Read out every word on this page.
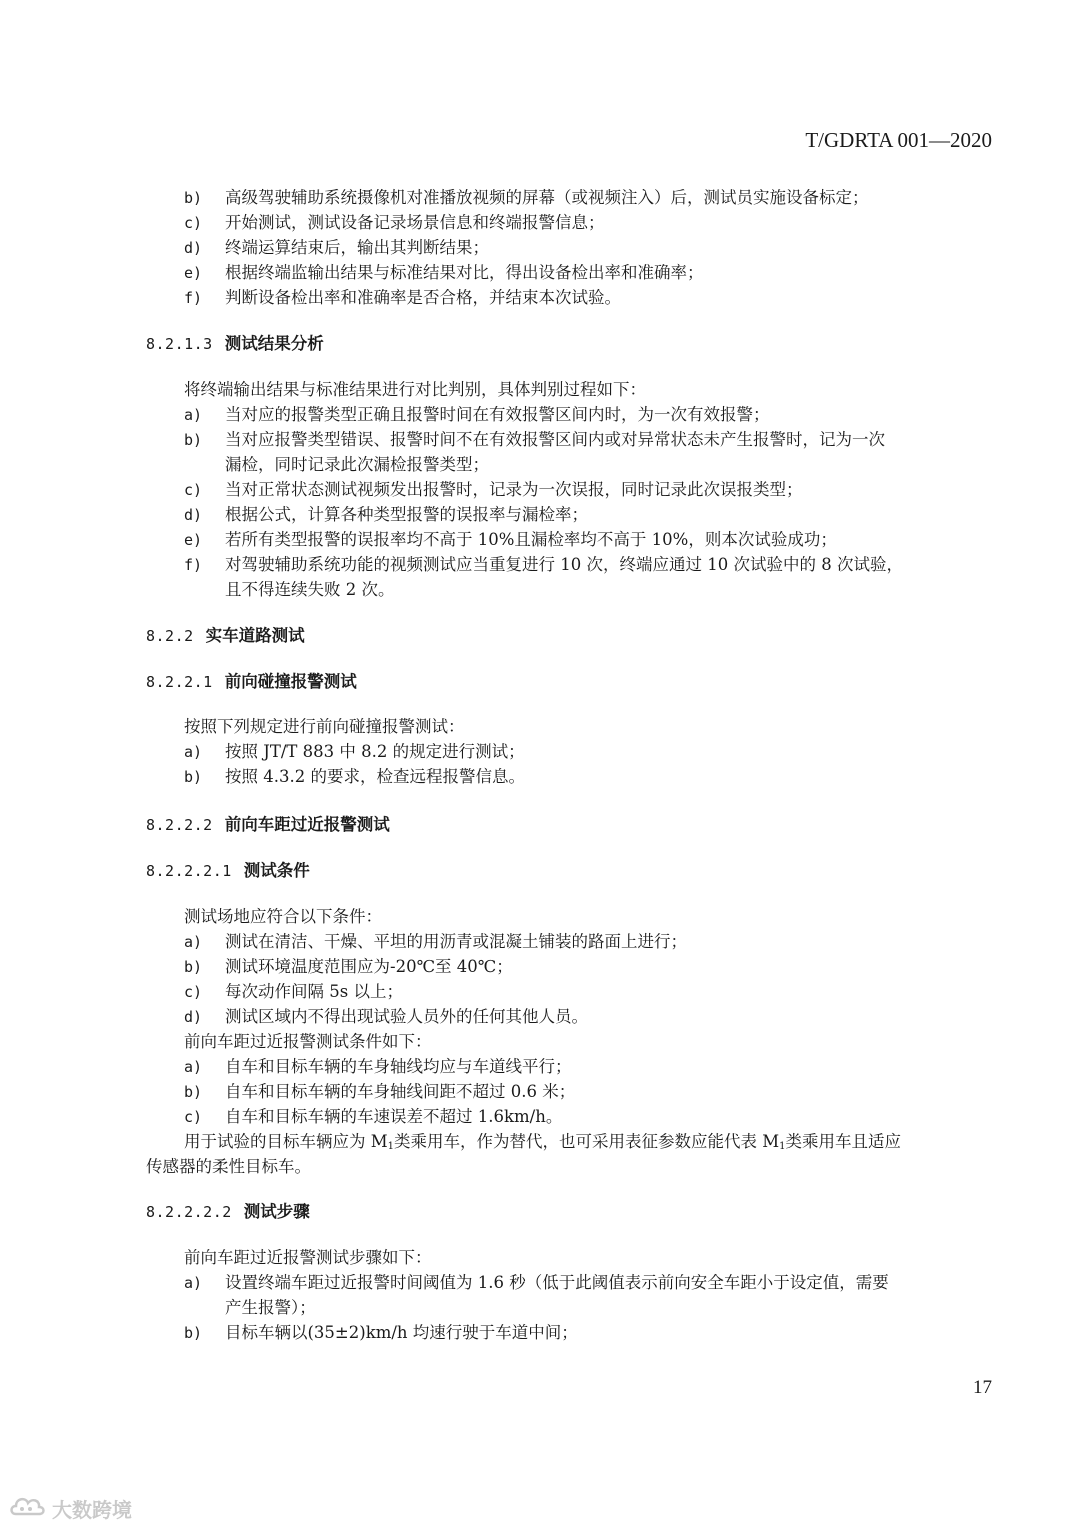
T/GDRTA 001—2020
b)	高级驾驶辅助系统摄像机对准播放视频的屏幕（或视频注入）后，测试员实施设备标定；
c)	开始测试，测试设备记录场景信息和终端报警信息；
d)	终端运算结束后，输出其判断结果；
e)	根据终端监输出结果与标准结果对比，得出设备检出率和准确率；
f)	判断设备检出率和准确率是否合格，并结束本次试验。
8.2.1.3 测试结果分析
将终端输出结果与标准结果进行对比判别，具体判别过程如下：
a)	当对应的报警类型正确且报警时间在有效报警区间内时，为一次有效报警；
b)	当对应报警类型错误、报警时间不在有效报警区间内或对异常状态未产生报警时，记为一次
漏检，同时记录此次漏检报警类型；
c)	当对正常状态测试视频发出报警时，记录为一次误报，同时记录此次误报类型；
d)	根据公式，计算各种类型报警的误报率与漏检率；
e)	若所有类型报警的误报率均不高于 10%且漏检率均不高于 10%，则本次试验成功；
f)	对驾驶辅助系统功能的视频测试应当重复进行 10 次，终端应通过 10 次试验中的 8 次试验，
且不得连续失败 2 次。
8.2.2 实车道路测试
8.2.2.1 前向碰撞报警测试
按照下列规定进行前向碰撞报警测试：
a)	按照 JT/T 883 中 8.2 的规定进行测试；
b)	按照 4.3.2 的要求，检查远程报警信息。
8.2.2.2 前向车距过近报警测试
8.2.2.2.1 测试条件
测试场地应符合以下条件：
a)	测试在清洁、干燥、平坦的用沥青或混凝土铺装的路面上进行；
b)	测试环境温度范围应为-20℃至 40℃；
c)	每次动作间隔 5s 以上；
d)	测试区域内不得出现试验人员外的任何其他人员。
前向车距过近报警测试条件如下：
a)	自车和目标车辆的车身轴线均应与车道线平行；
b)	自车和目标车辆的车身轴线间距不超过 0.6 米；
c)	自车和目标车辆的车速误差不超过 1.6km/h。
用于试验的目标车辆应为 $M_1$类乘用车，作为替代，也可采用表征参数应能代表 $M_1$类乘用车且适应
传感器的柔性目标车。
8.2.2.2.2 测试步骤
前向车距过近报警测试步骤如下：
a)	设置终端车距过近报警时间阈值为 1.6 秒（低于此阈值表示前向安全车距小于设定值，需要
产生报警）；
b)	目标车辆以(35±2)km/h 均速行驶于车道中间；
17
大数跨境
